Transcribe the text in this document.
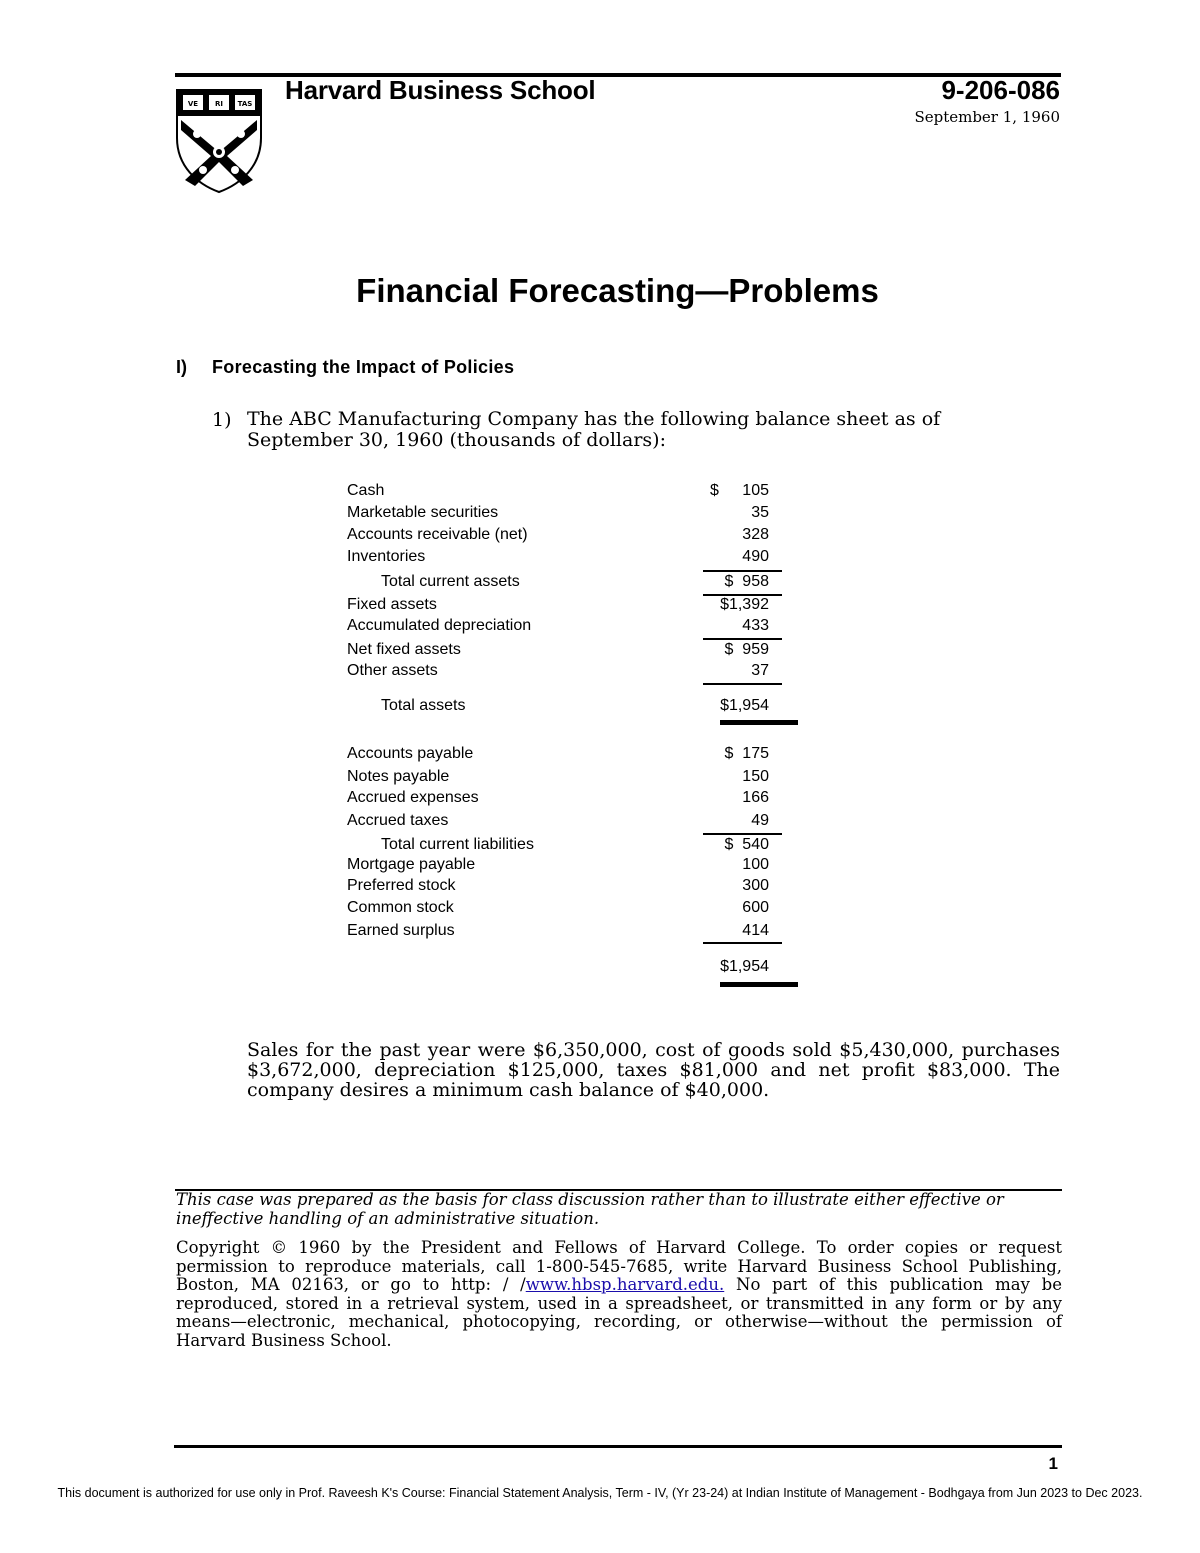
VE RI TAS Harvard Business School	9-206-086
September 1, 1960
Financial Forecasting—Problems
I) Forecasting the Impact of Policies
1) The ABC Manufacturing Company has the following balance sheet as of September 30, 1960 (thousands of dollars):
Cash	$	105
Marketable securities	35
Accounts receivable (net)	328
Inventories	490
Total current assets	$  958
Fixed assets	$1,392
Accumulated depreciation	433
Net fixed assets	$  959
Other assets	37
Total assets	$1,954
Accounts payable	$  175
Notes payable	150
Accrued expenses	166
Accrued taxes	49
Total current liabilities	$  540
Mortgage payable	100
Preferred stock	300
Common stock	600
Earned surplus	414
$1,954
Sales for the past year were $6,350,000, cost of goods sold $5,430,000, purchases $3,672,000, depreciation $125,000, taxes $81,000 and net profit $83,000. The company desires a minimum cash balance of $40,000.
This case was prepared as the basis for class discussion rather than to illustrate either effective or ineffective handling of an administrative situation.
Copyright © 1960 by the President and Fellows of Harvard College. To order copies or request permission to reproduce materials, call 1-800-545-7685, write Harvard Business School Publishing, Boston, MA 02163, or go to http: / /www.hbsp.harvard.edu. No part of this publication may be reproduced, stored in a retrieval system, used in a spreadsheet, or transmitted in any form or by any means—electronic, mechanical, photocopying, recording, or otherwise—without the permission of Harvard Business School.
1
This document is authorized for use only in Prof. Raveesh K's Course: Financial Statement Analysis, Term - IV, (Yr 23-24) at Indian Institute of Management - Bodhgaya from Jun 2023 to Dec 2023.
